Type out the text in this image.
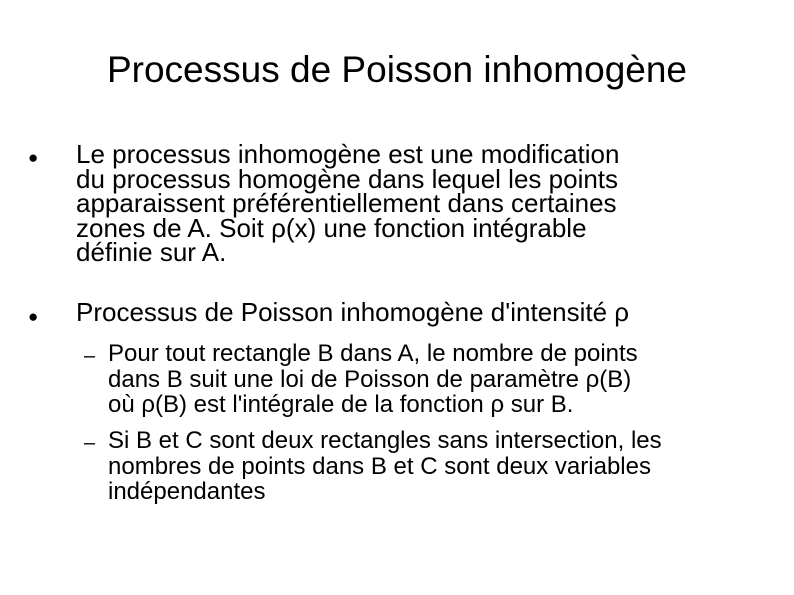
Processus de Poisson inhomogène
● Le processus inhomogène est une modification
du processus homogène dans lequel les points
apparaissent préférentiellement dans certaines
zones de A. Soit ρ(x) une fonction intégrable
définie sur A.
● Processus de Poisson inhomogène d'intensité ρ
– Pour tout rectangle B dans A, le nombre de points
dans B suit une loi de Poisson de paramètre ρ(B)
où ρ(B) est l'intégrale de la fonction ρ sur B.
– Si B et C sont deux rectangles sans intersection, les
nombres de points dans B et C sont deux variables
indépendantes
